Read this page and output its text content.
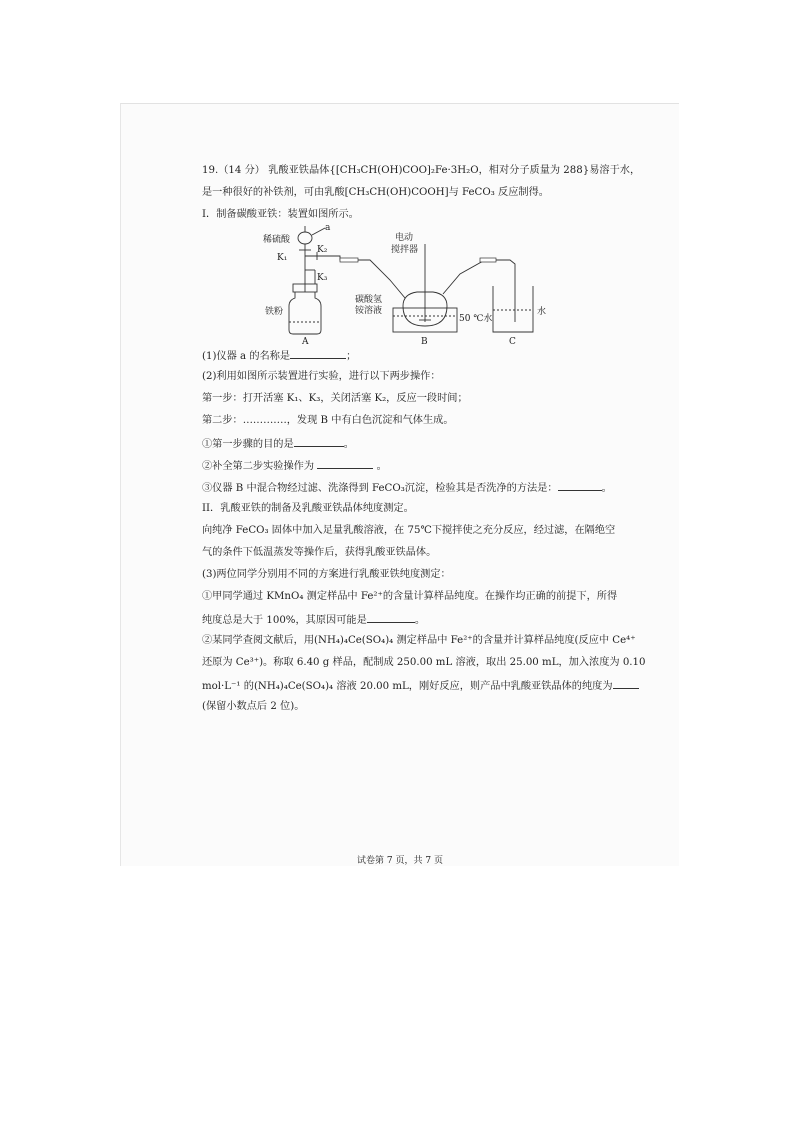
19.（14 分） 乳酸亚铁晶体{[CH₃CH(OH)COO]₂Fe·3H₂O，相对分子质量为 288}易溶于水，
是一种很好的补铁剂，可由乳酸[CH₃CH(OH)COOH]与 FeCO₃ 反应制得。
I．制备碳酸亚铁：装置如图所示。
a
稀硫酸
K₁
K₂
K₃
铁粉
电动
搅拌器
碳酸氢
铵溶液
50 ℃水
水
A	B	C
(1)仪器 a 的名称是	；
(2)利用如图所示装置进行实验，进行以下两步操作：
第一步：打开活塞 K₁、K₃，关闭活塞 K₂，反应一段时间；
第二步：………….，发现 B 中有白色沉淀和气体生成。
①第一步骤的目的是	。
②补全第二步实验操作为	。
③仪器 B 中混合物经过滤、洗涤得到 FeCO₃沉淀，检验其是否洗净的方法是：	。
II．乳酸亚铁的制备及乳酸亚铁晶体纯度测定。
向纯净 FeCO₃ 固体中加入足量乳酸溶液，在 75℃下搅拌使之充分反应，经过滤，在隔绝空
气的条件下低温蒸发等操作后，获得乳酸亚铁晶体。
(3)两位同学分别用不同的方案进行乳酸亚铁纯度测定：
①甲同学通过 KMnO₄ 测定样品中 Fe²⁺的含量计算样品纯度。在操作均正确的前提下，所得
纯度总是大于 100%，其原因可能是	。
②某同学查阅文献后，用(NH₄)₄Ce(SO₄)₄ 测定样品中 Fe²⁺的含量并计算样品纯度(反应中 Ce⁴⁺
还原为 Ce³⁺)。称取 6.40 g 样品，配制成 250.00 mL 溶液，取出 25.00 mL，加入浓度为 0.10
mol·L⁻¹ 的(NH₄)₄Ce(SO₄)₄ 溶液 20.00 mL，刚好反应，则产品中乳酸亚铁晶体的纯度为
(保留小数点后 2 位)。
试卷第 7 页，共 7 页
